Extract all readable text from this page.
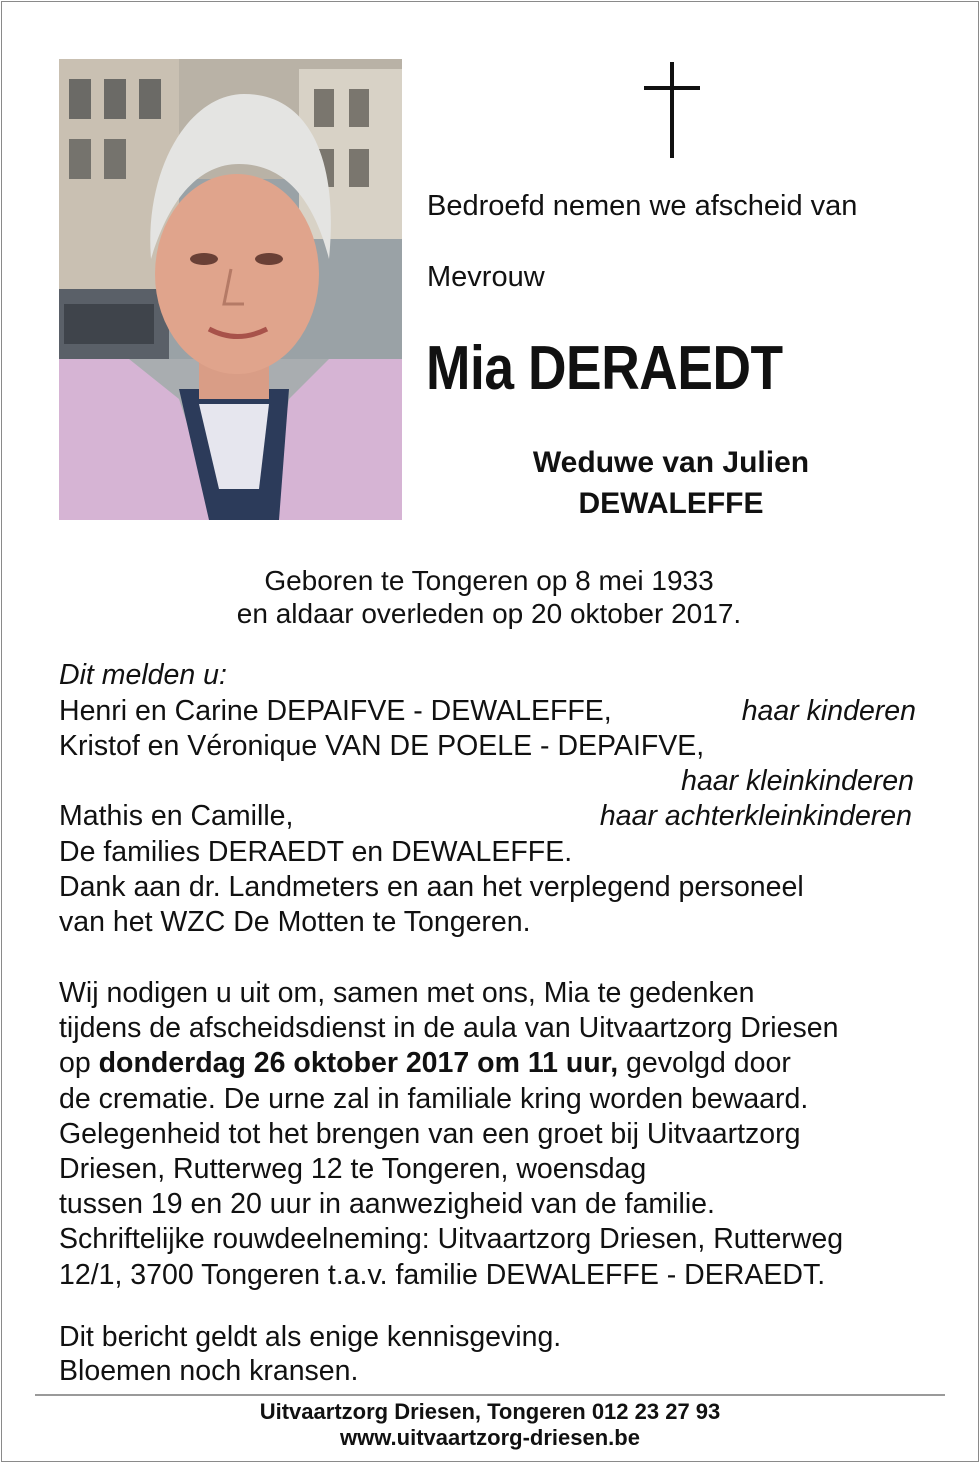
Bedroefd nemen we afscheid van
Mevrouw
Mia DERAEDT
Weduwe van Julien
DEWALEFFE
Geboren te Tongeren op 8 mei 1933
en aldaar overleden op 20 oktober 2017.
Dit melden u:
Henri en Carine DEPAIFVE - DEWALEFFE,	haar kinderen
Kristof en Véronique VAN DE POELE - DEPAIFVE,
haar kleinkinderen
Mathis en Camille,	haar achterkleinkinderen
De families DERAEDT en DEWALEFFE.
Dank aan dr. Landmeters en aan het verplegend personeel
van het WZC De Motten te Tongeren.
Wij nodigen u uit om, samen met ons, Mia te gedenken
tijdens de afscheidsdienst in de aula van Uitvaartzorg Driesen
op donderdag 26 oktober 2017 om 11 uur, gevolgd door
de crematie. De urne zal in familiale kring worden bewaard.
Gelegenheid tot het brengen van een groet bij Uitvaartzorg
Driesen, Rutterweg 12 te Tongeren, woensdag
tussen 19 en 20 uur in aanwezigheid van de familie.
Schriftelijke rouwdeelneming: Uitvaartzorg Driesen, Rutterweg
12/1, 3700 Tongeren t.a.v. familie DEWALEFFE - DERAEDT.
Dit bericht geldt als enige kennisgeving.
Bloemen noch kransen.
Uitvaartzorg Driesen, Tongeren 012 23 27 93
www.uitvaartzorg-driesen.be
